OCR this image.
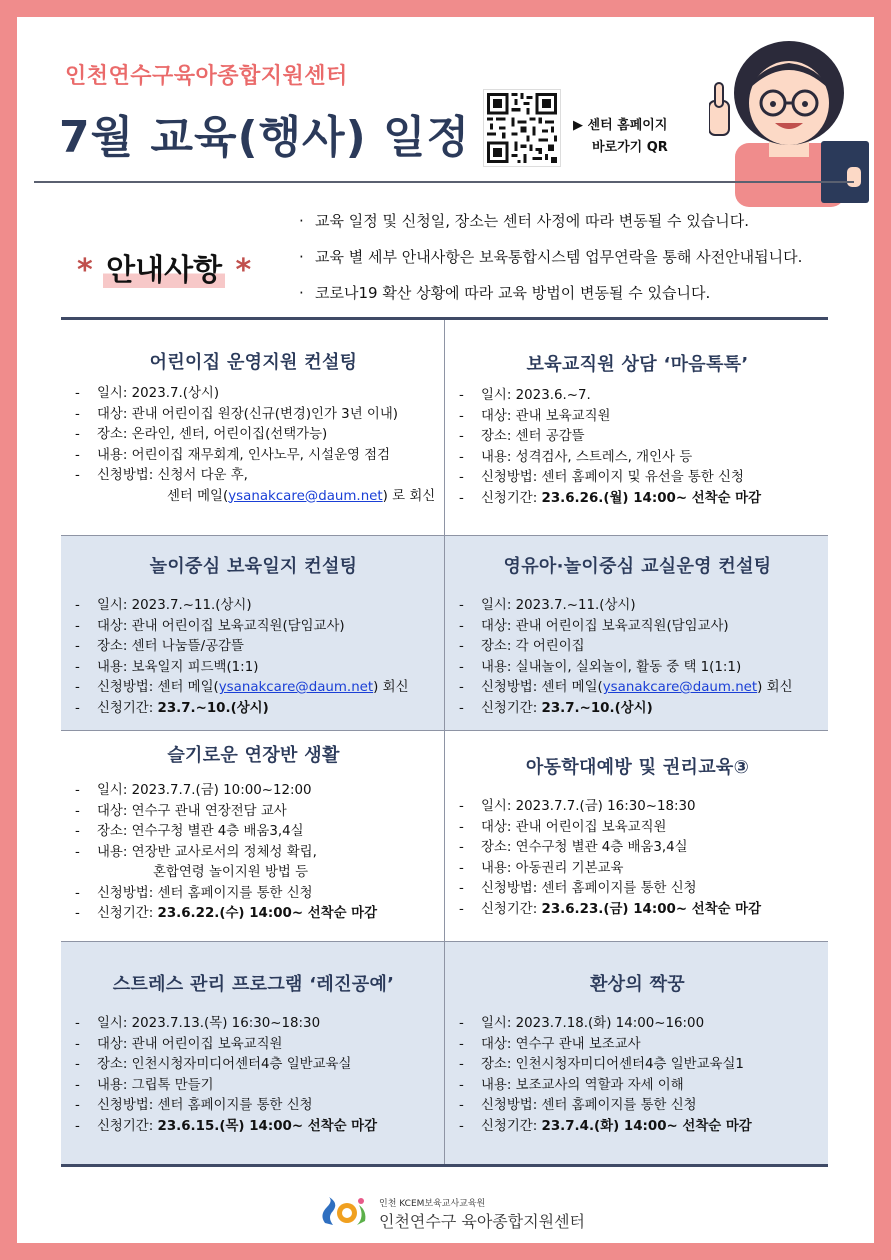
인천연수구육아종합지원센터
7월 교육(행사) 일정	▶ 센터 홈페이지
바로가기 QR
* 안내사항 *
· 교육 일정 및 신청일, 장소는 센터 사정에 따라 변동될 수 있습니다.
· 교육 별 세부 안내사항은 보육통합시스템 업무연락을 통해 사전안내됩니다.
· 코로나19 확산 상황에 따라 교육 방법이 변동될 수 있습니다.
어린이집 운영지원 컨설팅
- 일시: 2023.7.(상시)
- 대상: 관내 어린이집 원장(신규(변경)인가 3년 이내)
- 장소: 온라인, 센터, 어린이집(선택가능)
- 내용: 어린이집 재무회계, 인사노무, 시설운영 점검
- 신청방법: 신청서 다운 후,
센터 메일(ysanakcare@daum.net) 로 회신
보육교직원 상담 ‘마음톡톡’
- 일시: 2023.6.~7.
- 대상: 관내 보육교직원
- 장소: 센터 공감뜰
- 내용: 성격검사, 스트레스, 개인사 등
- 신청방법: 센터 홈페이지 및 유선을 통한 신청
- 신청기간: 23.6.26.(월) 14:00~ 선착순 마감
놀이중심 보육일지 컨설팅
- 일시: 2023.7.~11.(상시)
- 대상: 관내 어린이집 보육교직원(담임교사)
- 장소: 센터 나눔뜰/공감뜰
- 내용: 보육일지 피드백(1:1)
- 신청방법: 센터 메일(ysanakcare@daum.net) 회신
- 신청기간: 23.7.~10.(상시)
영유아·놀이중심 교실운영 컨설팅
- 일시: 2023.7.~11.(상시)
- 대상: 관내 어린이집 보육교직원(담임교사)
- 장소: 각 어린이집
- 내용: 실내놀이, 실외놀이, 활동 중 택 1(1:1)
- 신청방법: 센터 메일(ysanakcare@daum.net) 회신
- 신청기간: 23.7.~10.(상시)
슬기로운 연장반 생활
- 일시: 2023.7.7.(금) 10:00~12:00
- 대상: 연수구 관내 연장전담 교사
- 장소: 연수구청 별관 4층 배움3,4실
- 내용: 연장반 교사로서의 정체성 확립,
혼합연령 놀이지원 방법 등
- 신청방법: 센터 홈페이지를 통한 신청
- 신청기간: 23.6.22.(수) 14:00~ 선착순 마감
아동학대예방 및 권리교육③
- 일시: 2023.7.7.(금) 16:30~18:30
- 대상: 관내 어린이집 보육교직원
- 장소: 연수구청 별관 4층 배움3,4실
- 내용: 아동권리 기본교육
- 신청방법: 센터 홈페이지를 통한 신청
- 신청기간: 23.6.23.(금) 14:00~ 선착순 마감
스트레스 관리 프로그램 ‘레진공예’
- 일시: 2023.7.13.(목) 16:30~18:30
- 대상: 관내 어린이집 보육교직원
- 장소: 인천시청자미디어센터4층 일반교육실
- 내용: 그립톡 만들기
- 신청방법: 센터 홈페이지를 통한 신청
- 신청기간: 23.6.15.(목) 14:00~ 선착순 마감
환상의 짝꿍
- 일시: 2023.7.18.(화) 14:00~16:00
- 대상: 연수구 관내 보조교사
- 장소: 인천시청자미디어센터4층 일반교육실1
- 내용: 보조교사의 역할과 자세 이해
- 신청방법: 센터 홈페이지를 통한 신청
- 신청기간: 23.7.4.(화) 14:00~ 선착순 마감
인천 KCEM보육교사교육원
인천연수구 육아종합지원센터
